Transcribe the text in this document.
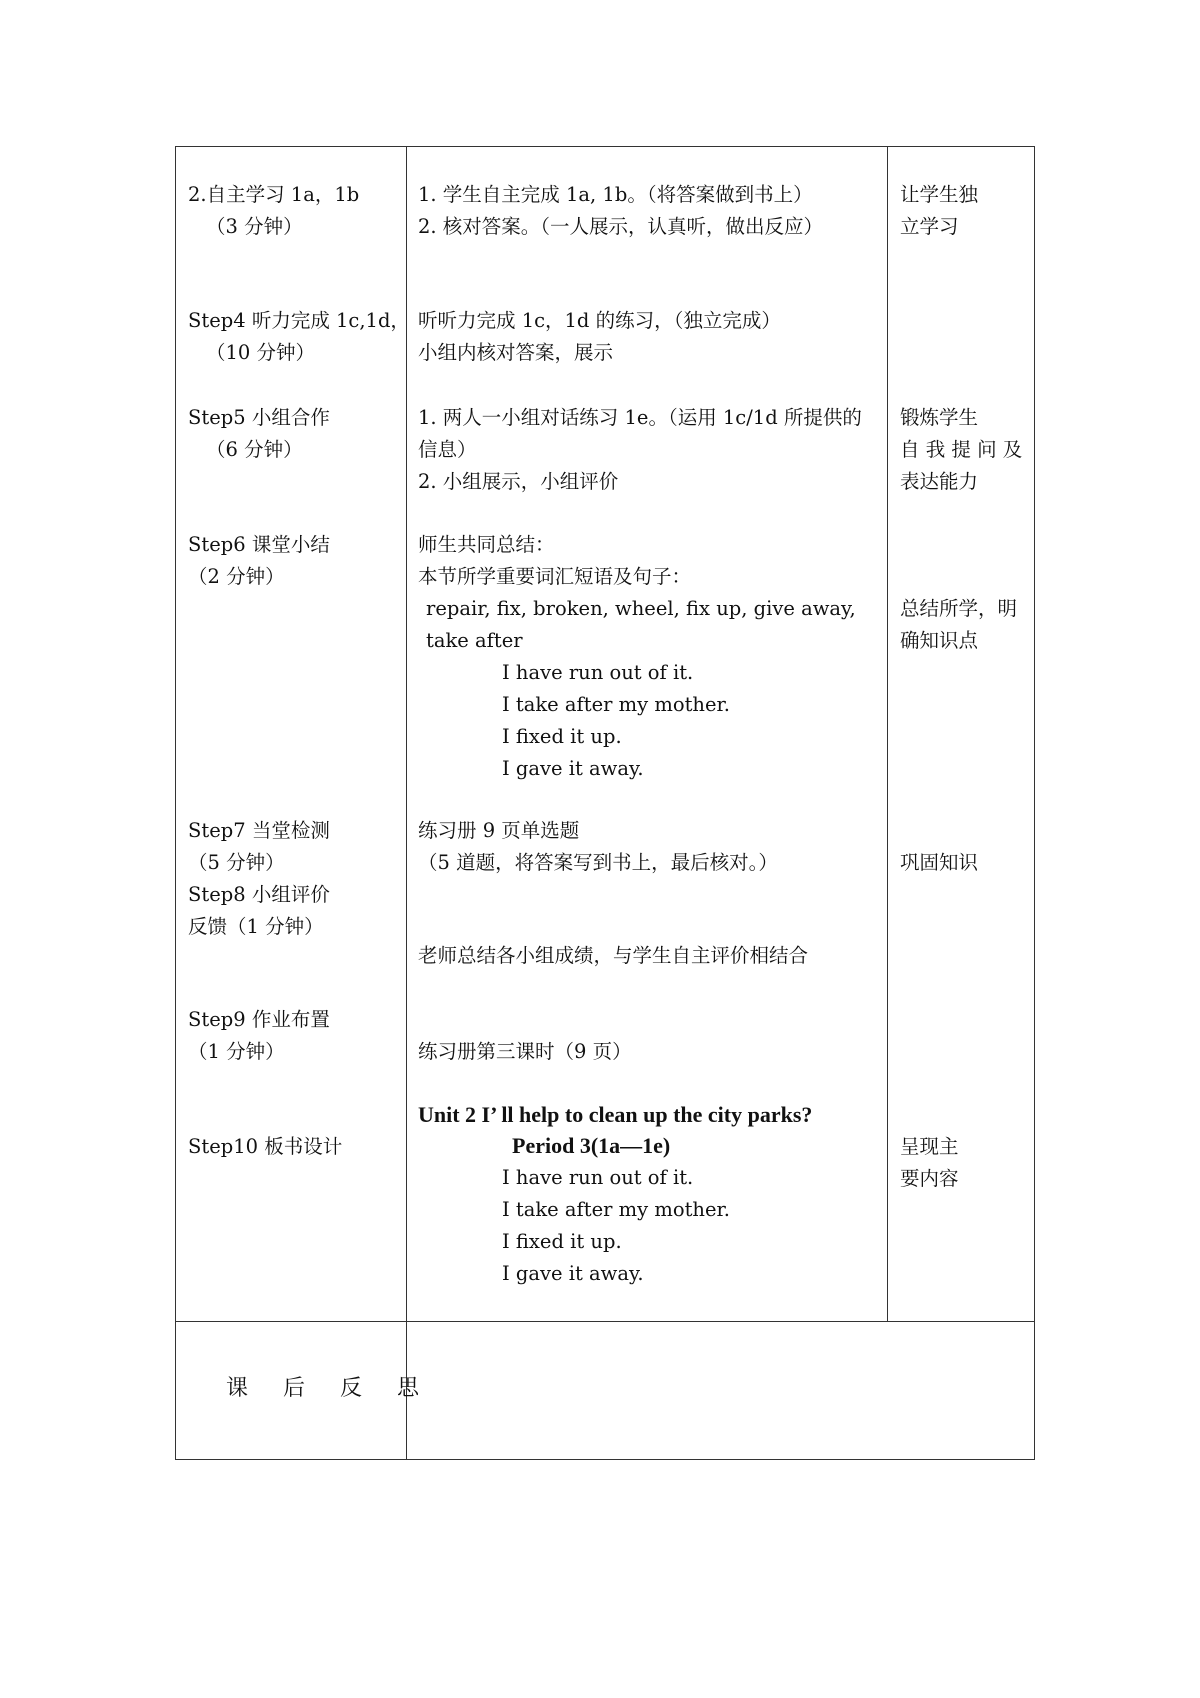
2.自主学习 1a，1b
（3 分钟）
Step4 听力完成 1c,1d，
（10 分钟）
Step5 小组合作
（6 分钟）
Step6 课堂小结
（2 分钟）
Step7 当堂检测
（5 分钟）
Step8 小组评价
反馈（1 分钟）
Step9 作业布置
（1 分钟）
Step10 板书设计
课 后 反 思
1. 学生自主完成 1a, 1b。（将答案做到书上）
2. 核对答案。（一人展示，认真听，做出反应）
听听力完成 1c，1d 的练习，（独立完成）
小组内核对答案，展示
1. 两人一小组对话练习 1e。（运用 1c/1d 所提供的
信息）
2. 小组展示，小组评价
师生共同总结：
本节所学重要词汇短语及句子：
repair, fix, broken, wheel, fix up, give away,
take after
I have run out of it.
I take after my mother.
I fixed it up.
I gave it away.
练习册 9 页单选题
（5 道题，将答案写到书上，最后核对。）
老师总结各小组成绩，与学生自主评价相结合
练习册第三课时（9 页）
Unit 2 I’ ll help to clean up the city parks?
Period 3(1a—1e)
I have run out of it.
I take after my mother.
I fixed it up.
I gave it away.
让学生独
立学习
锻炼学生
自 我 提 问 及
表达能力
总结所学，明
确知识点
巩固知识
呈现主
要内容
